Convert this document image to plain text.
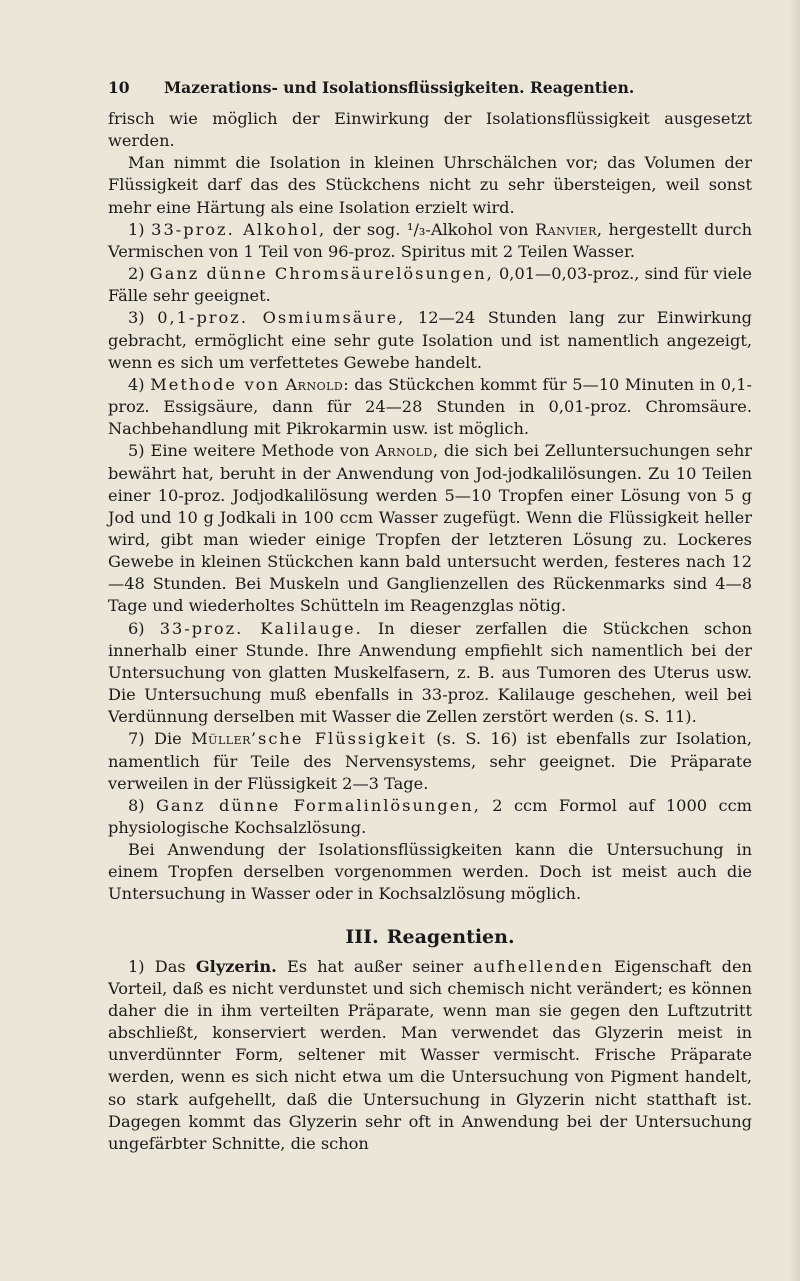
10	Mazerations- und Isolationsflüssigkeiten. Reagentien.

frisch wie möglich der Einwirkung der Isolationsflüssigkeit ausgesetzt werden.

Man nimmt die Isolation in kleinen Uhrschälchen vor; das Volumen der Flüssigkeit darf das des Stückchens nicht zu sehr übersteigen, weil sonst mehr eine Härtung als eine Isolation erzielt wird.

1) 33-proz. Alkohol, der sog. ¹/₃-Alkohol von Ranvier, hergestellt durch Vermischen von 1 Teil von 96-proz. Spiritus mit 2 Teilen Wasser.

2) Ganz dünne Chromsäurelösungen, 0,01—0,03-proz., sind für viele Fälle sehr geeignet.

3) 0,1-proz. Osmiumsäure, 12—24 Stunden lang zur Einwirkung gebracht, ermöglicht eine sehr gute Isolation und ist namentlich angezeigt, wenn es sich um verfettetes Gewebe handelt.

4) Methode von Arnold: das Stückchen kommt für 5—10 Minuten in 0,1-proz. Essigsäure, dann für 24—28 Stunden in 0,01-proz. Chromsäure. Nachbehandlung mit Pikrokarmin usw. ist möglich.

5) Eine weitere Methode von Arnold, die sich bei Zelluntersuchungen sehr bewährt hat, beruht in der Anwendung von Jod-jodkalilösungen. Zu 10 Teilen einer 10-proz. Jodjodkalilösung werden 5—10 Tropfen einer Lösung von 5 g Jod und 10 g Jodkali in 100 ccm Wasser zugefügt. Wenn die Flüssigkeit heller wird, gibt man wieder einige Tropfen der letzteren Lösung zu. Lockeres Gewebe in kleinen Stückchen kann bald untersucht werden, festeres nach 12—48 Stunden. Bei Muskeln und Ganglienzellen des Rückenmarks sind 4—8 Tage und wiederholtes Schütteln im Reagenzglas nötig.

6) 33-proz. Kalilauge. In dieser zerfallen die Stückchen schon innerhalb einer Stunde. Ihre Anwendung empfiehlt sich namentlich bei der Untersuchung von glatten Muskelfasern, z. B. aus Tumoren des Uterus usw. Die Untersuchung muß ebenfalls in 33-proz. Kalilauge geschehen, weil bei Verdünnung derselben mit Wasser die Zellen zerstört werden (s. S. 11).

7) Die Müller’sche Flüssigkeit (s. S. 16) ist ebenfalls zur Isolation, namentlich für Teile des Nervensystems, sehr geeignet. Die Präparate verweilen in der Flüssigkeit 2—3 Tage.

8) Ganz dünne Formalinlösungen, 2 ccm Formol auf 1000 ccm physiologische Kochsalzlösung.

Bei Anwendung der Isolationsflüssigkeiten kann die Untersuchung in einem Tropfen derselben vorgenommen werden. Doch ist meist auch die Untersuchung in Wasser oder in Kochsalzlösung möglich.

III. Reagentien.

1) Das Glyzerin. Es hat außer seiner aufhellenden Eigenschaft den Vorteil, daß es nicht verdunstet und sich chemisch nicht verändert; es können daher die in ihm verteilten Präparate, wenn man sie gegen den Luftzutritt abschließt, konserviert werden. Man verwendet das Glyzerin meist in unverdünnter Form, seltener mit Wasser vermischt. Frische Präparate werden, wenn es sich nicht etwa um die Untersuchung von Pigment handelt, so stark aufgehellt, daß die Untersuchung in Glyzerin nicht statthaft ist. Dagegen kommt das Glyzerin sehr oft in Anwendung bei der Untersuchung ungefärbter Schnitte, die schon
